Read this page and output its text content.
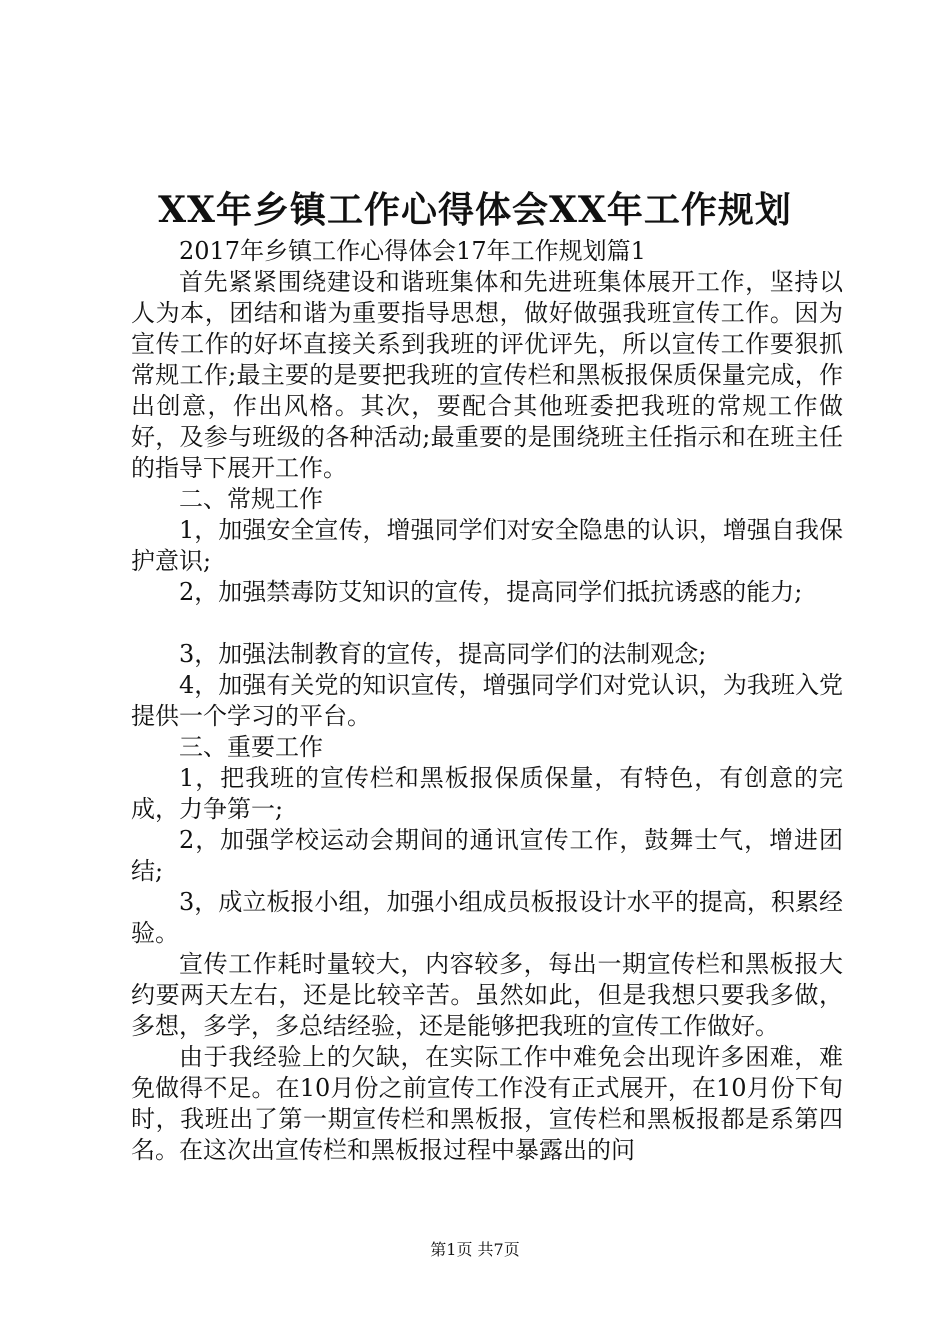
XX年乡镇工作心得体会XX年工作规划

2017年乡镇工作心得体会17年工作规划篇1

首先紧紧围绕建设和谐班集体和先进班集体展开工作，坚持以人为本，团结和谐为重要指导思想，做好做强我班宣传工作。因为宣传工作的好坏直接关系到我班的评优评先，所以宣传工作要狠抓常规工作;最主要的是要把我班的宣传栏和黑板报保质保量完成，作出创意，作出风格。其次，要配合其他班委把我班的常规工作做好，及参与班级的各种活动;最重要的是围绕班主任指示和在班主任的指导下展开工作。

二、常规工作

1，加强安全宣传，增强同学们对安全隐患的认识，增强自我保护意识;

2，加强禁毒防艾知识的宣传，提高同学们抵抗诱惑的能力;

3，加强法制教育的宣传，提高同学们的法制观念;

4，加强有关党的知识宣传，增强同学们对党认识，为我班入党提供一个学习的平台。

三、重要工作

1，把我班的宣传栏和黑板报保质保量，有特色，有创意的完成，力争第一;

2，加强学校运动会期间的通讯宣传工作，鼓舞士气，增进团结;

3，成立板报小组，加强小组成员板报设计水平的提高，积累经验。

宣传工作耗时量较大，内容较多，每出一期宣传栏和黑板报大约要两天左右，还是比较辛苦。虽然如此，但是我想只要我多做，多想，多学，多总结经验，还是能够把我班的宣传工作做好。

由于我经验上的欠缺，在实际工作中难免会出现许多困难，难免做得不足。在10月份之前宣传工作没有正式展开，在10月份下旬时，我班出了第一期宣传栏和黑板报，宣传栏和黑板报都是系第四名。在这次出宣传栏和黑板报过程中暴露出的问

第1页 共7页
